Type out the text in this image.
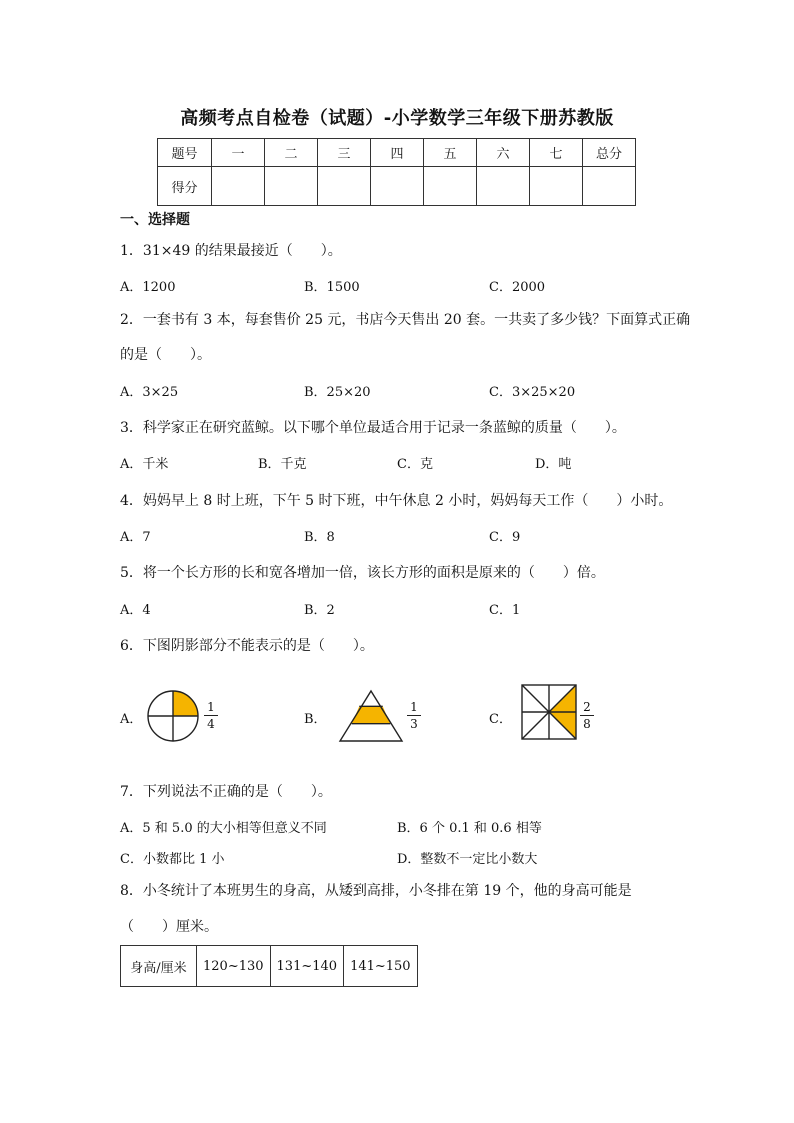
高频考点自检卷（试题）-小学数学三年级下册苏教版
题号	一	二	三	四	五	六	七	总分
得分								
一、选择题
1．31×49 的结果最接近（　　）。
A．1200	B．1500	C．2000
2．一套书有 3 本，每套售价 25 元，书店今天售出 20 套。一共卖了多少钱？下面算式正确
的是（　　）。
A．3×25	B．25×20	C．3×25×20
3．科学家正在研究蓝鲸。以下哪个单位最适合用于记录一条蓝鲸的质量（　　）。
A．千米	B．千克	C．克	D．吨
4．妈妈早上 8 时上班，下午 5 时下班，中午休息 2 小时，妈妈每天工作（　　）小时。
A．7	B．8	C．9
5．将一个长方形的长和宽各增加一倍，该长方形的面积是原来的（　　）倍。
A．4	B．2	C．1
6．下图阴影部分不能表示的是（　　）。
A．	B．	C．
1
4
1
3
2
8
7．下列说法不正确的是（　　）。
A．5 和 5.0 的大小相等但意义不同	B．6 个 0.1 和 0.6 相等
C．小数都比 1 小	D．整数不一定比小数大
8．小冬统计了本班男生的身高，从矮到高排，小冬排在第 19 个，他的身高可能是
（　　）厘米。
身高/厘米	120~130	131~140	141~150
